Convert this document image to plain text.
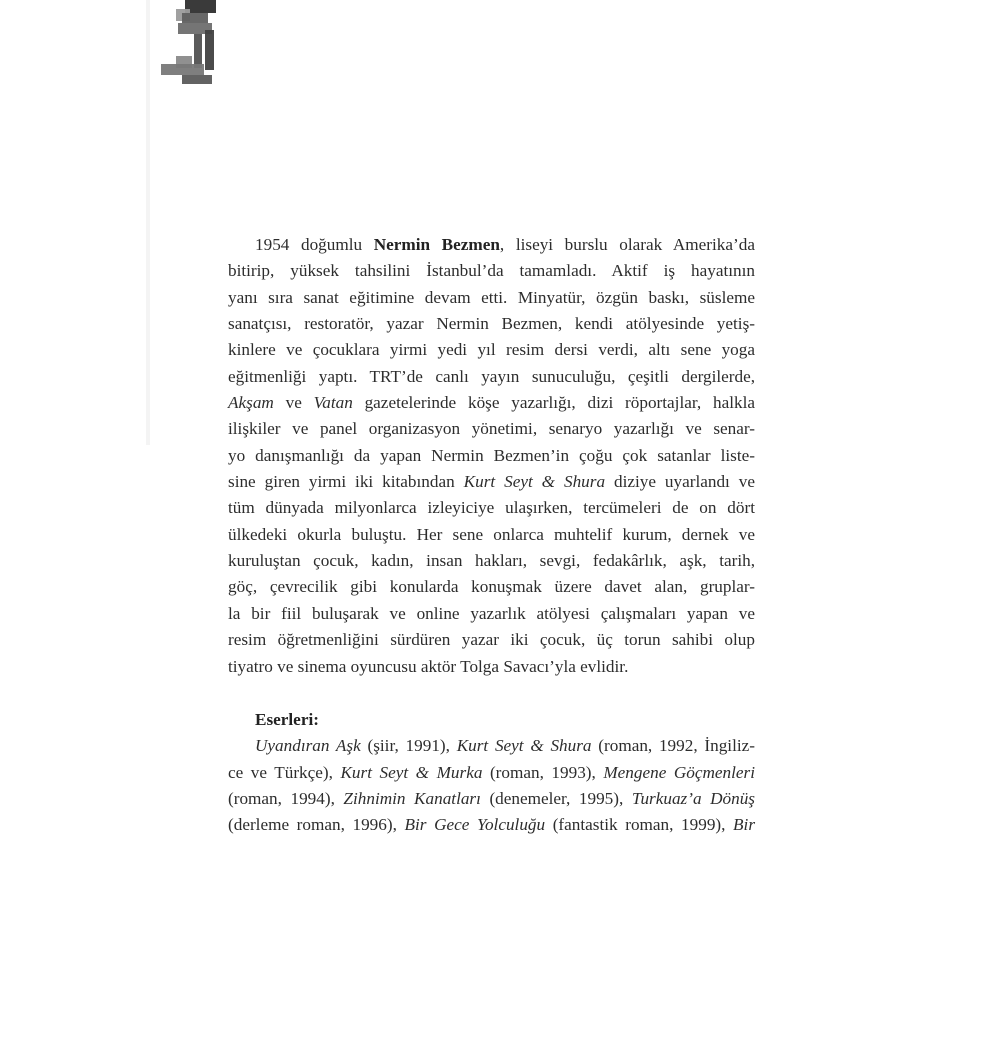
1954 doğumlu Nermin Bezmen, liseyi burslu olarak Amerika’da
bitirip, yüksek tahsilini İstanbul’da tamamladı. Aktif iş hayatının
yanı sıra sanat eğitimine devam etti. Minyatür, özgün baskı, süsleme
sanatçısı, restoratör, yazar Nermin Bezmen, kendi atölyesinde yetiş-
kinlere ve çocuklara yirmi yedi yıl resim dersi verdi, altı sene yoga
eğitmenliği yaptı. TRT’de canlı yayın sunuculuğu, çeşitli dergilerde,
Akşam ve Vatan gazetelerinde köşe yazarlığı, dizi röportajlar, halkla
ilişkiler ve panel organizasyon yönetimi, senaryo yazarlığı ve senar-
yo danışmanlığı da yapan Nermin Bezmen’in çoğu çok satanlar liste-
sine giren yirmi iki kitabından Kurt Seyt & Shura diziye uyarlandı ve
tüm dünyada milyonlarca izleyiciye ulaşırken, tercümeleri de on dört
ülkedeki okurla buluştu. Her sene onlarca muhtelif kurum, dernek ve
kuruluştan çocuk, kadın, insan hakları, sevgi, fedakârlık, aşk, tarih,
göç, çevrecilik gibi konularda konuşmak üzere davet alan, gruplar-
la bir fiil buluşarak ve online yazarlık atölyesi çalışmaları yapan ve
resim öğretmenliğini sürdüren yazar iki çocuk, üç torun sahibi olup
tiyatro ve sinema oyuncusu aktör Tolga Savacı’yla evlidir.
Eserleri:
Uyandıran Aşk (şiir, 1991), Kurt Seyt & Shura (roman, 1992, İngiliz-
ce ve Türkçe), Kurt Seyt & Murka (roman, 1993), Mengene Göçmenleri
(roman, 1994), Zihnimin Kanatları (denemeler, 1995), Turkuaz’a Dönüş
(derleme roman, 1996), Bir Gece Yolculuğu (fantastik roman, 1999), Bir
